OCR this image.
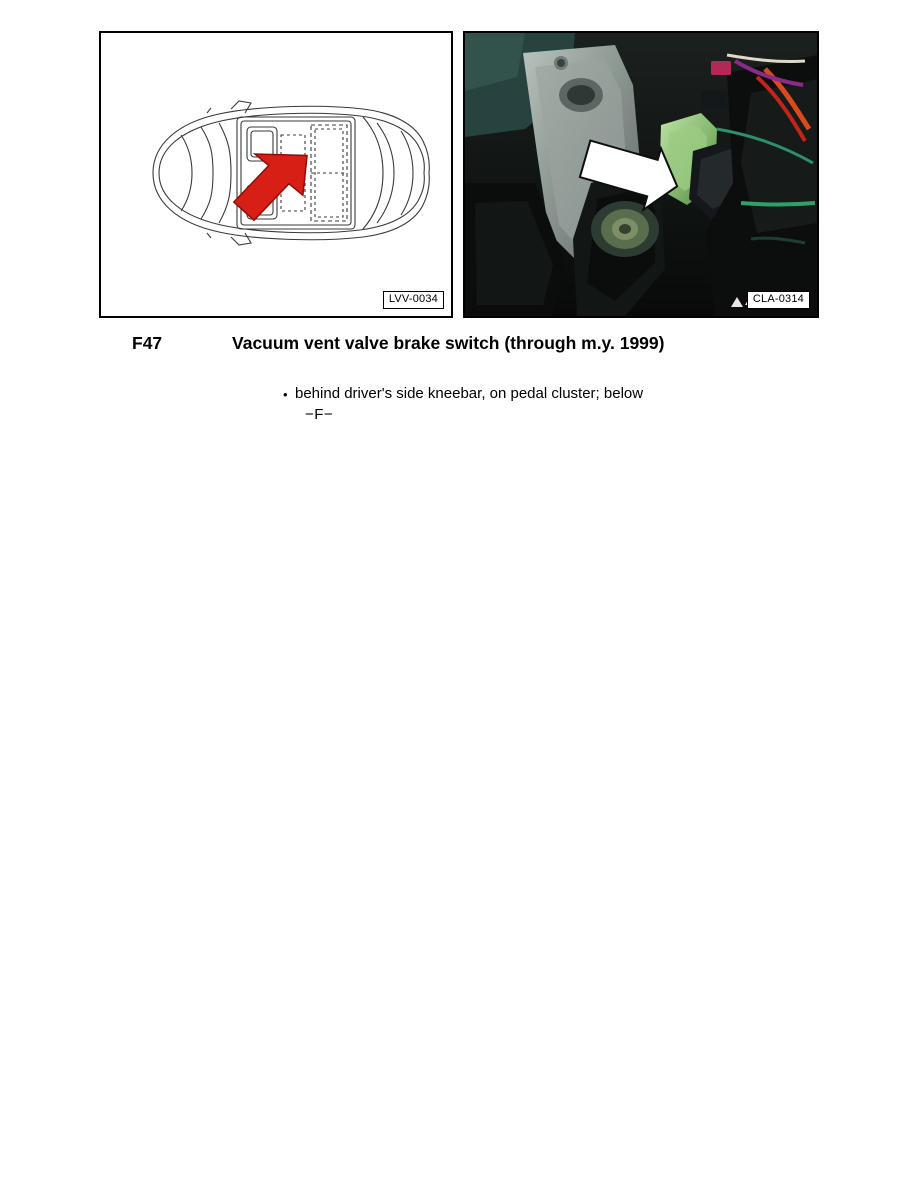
LVV-0034	CLA-0314
F47	Vacuum vent valve brake switch (through m.y. 1999)
• behind driver's side kneebar, on pedal cluster; below
−F−
